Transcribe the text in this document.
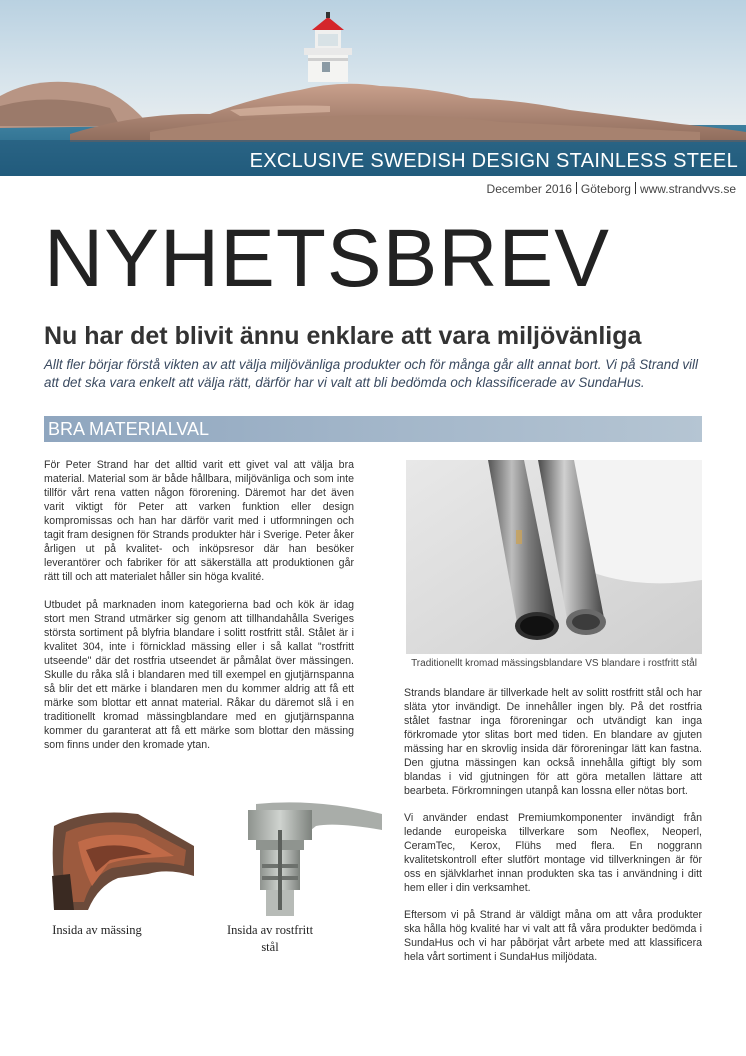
EXCLUSIVE SWEDISH DESIGN STAINLESS STEEL
December 2016 Göteborg www.strandvvs.se
NYHETSBREV
Nu har det blivit ännu enklare att vara miljövänliga

Allt fler börjar förstå vikten av att välja miljövänliga produkter och för många går allt annat bort. Vi på Strand vill att det ska vara enkelt att välja rätt, därför har vi valt att bli bedömda och klassificerade av SundaHus.

BRA MATERIALVAL

För Peter Strand har det alltid varit ett givet val att välja bra material. Material som är både hållbara, miljövänliga och som inte tillför vårt rena vatten någon förorening. Däremot har det även varit viktigt för Peter att varken funktion eller design kompromissas och han har därför varit med i utformningen och tagit fram designen för Strands produkter här i Sverige. Peter åker årligen ut på kvalitet- och inköpsresor där han besöker leverantörer och fabriker för att säkerställa att produktionen går rätt till och att materialet håller sin höga kvalité.

Utbudet på marknaden inom kategorierna bad och kök är idag stort men Strand utmärker sig genom att tillhandahålla Sveriges största sortiment på blyfria blandare i solitt rostfritt stål. Stålet är i kvalitet 304, inte i förnicklad mässing eller i så kallat "rostfritt utseende" där det rostfria utseendet är påmålat över mässingen. Skulle du råka slå i blandaren med till exempel en gjutjärnspanna så blir det ett märke i blandaren men du kommer aldrig att få ett märke som blottar ett annat material. Råkar du däremot slå i en traditionellt kromad mässingblandare med en gjutjärnspanna kommer du garanterat att få ett märke som blottar den mässing som finns under den kromade ytan.

Traditionellt kromad mässingsblandare VS blandare i rostfritt stål

Strands blandare är tillverkade helt av solitt rostfritt stål och har släta ytor invändigt. De innehåller ingen bly. På det rostfria stålet fastnar inga föroreningar och utvändigt kan inga förkromade ytor slitas bort med tiden. En blandare av gjuten mässing har en skrovlig insida där föroreningar lätt kan fastna. Den gjutna mässingen kan också innehålla giftigt bly som blandas i vid gjutningen för att göra metallen lättare att bearbeta. Förkromningen utanpå kan lossna eller nötas bort.

Vi använder endast Premiumkomponenter invändigt från ledande europeiska tillverkare som Neoflex, Neoperl, CeramTec, Kerox, Flühs med flera. En noggrann kvalitetskontroll efter slutfört montage vid tillverkningen är för oss en självklarhet innan produkten ska tas i användning i ditt hem eller i din verksamhet.

Eftersom vi på Strand är väldigt måna om att våra produkter ska hålla hög kvalité har vi valt att få våra produkter bedömda i SundaHus och vi har påbörjat vårt arbete med att klassificera hela vårt sortiment i SundaHus miljödata.

Insida av mässing	Insida av rostfritt stål
